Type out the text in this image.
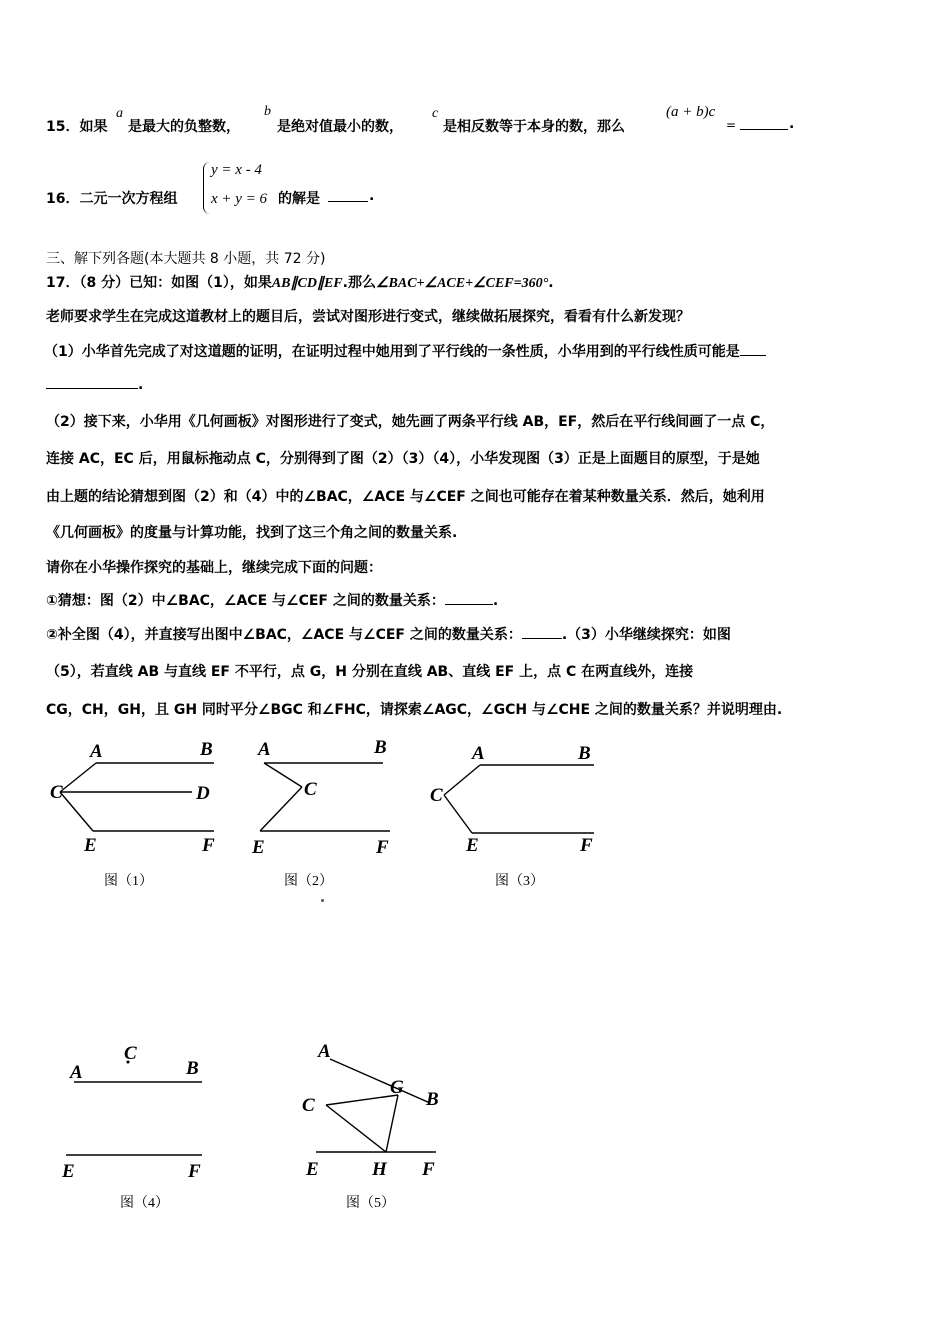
15．如果
a
是最大的负整数，
b
是绝对值最小的数，
c
是相反数等于本身的数，那么
(a + b)c
=	.
16．二元一次方程组
y = x - 4
x + y = 6 的解是	.
三、解下列各题(本大题共 8 小题，共 72 分)
17．（8 分）已知：如图（1），如果AB∥CD∥EF.那么∠BAC+∠ACE+∠CEF=360°.
老师要求学生在完成这道教材上的题目后，尝试对图形进行变式，继续做拓展探究，看看有什么新发现？
（1）小华首先完成了对这道题的证明，在证明过程中她用到了平行线的一条性质，小华用到的平行线性质可能是
.
（2）接下来，小华用《几何画板》对图形进行了变式，她先画了两条平行线 AB，EF，然后在平行线间画了一点 C，
连接 AC，EC 后，用鼠标拖动点 C，分别得到了图（2）（3）（4），小华发现图（3）正是上面题目的原型，于是她
由上题的结论猜想到图（2）和（4）中的∠BAC，∠ACE 与∠CEF 之间也可能存在着某种数量关系．然后，她利用
《几何画板》的度量与计算功能，找到了这三个角之间的数量关系.
请你在小华操作探究的基础上，继续完成下面的问题：
①猜想：图（2）中∠BAC，∠ACE 与∠CEF 之间的数量关系：	.
②补全图（4），并直接写出图中∠BAC，∠ACE 与∠CEF 之间的数量关系：	.（3）小华继续探究：如图
（5），若直线 AB 与直线 EF 不平行，点 G，H 分别在直线 AB、直线 EF 上，点 C 在两直线外，连接
CG，CH，GH，且 GH 同时平分∠BGC 和∠FHC，请探索∠AGC，∠GCH 与∠CHE 之间的数量关系？并说明理由.
A	B
C	D
E	F
图（1）
A	B
C
E	F
图（2）
A	B
C
E	F
图（3）
C
A	B
E	F
图（4）
A
G
B
C
E	H F
图（5）
